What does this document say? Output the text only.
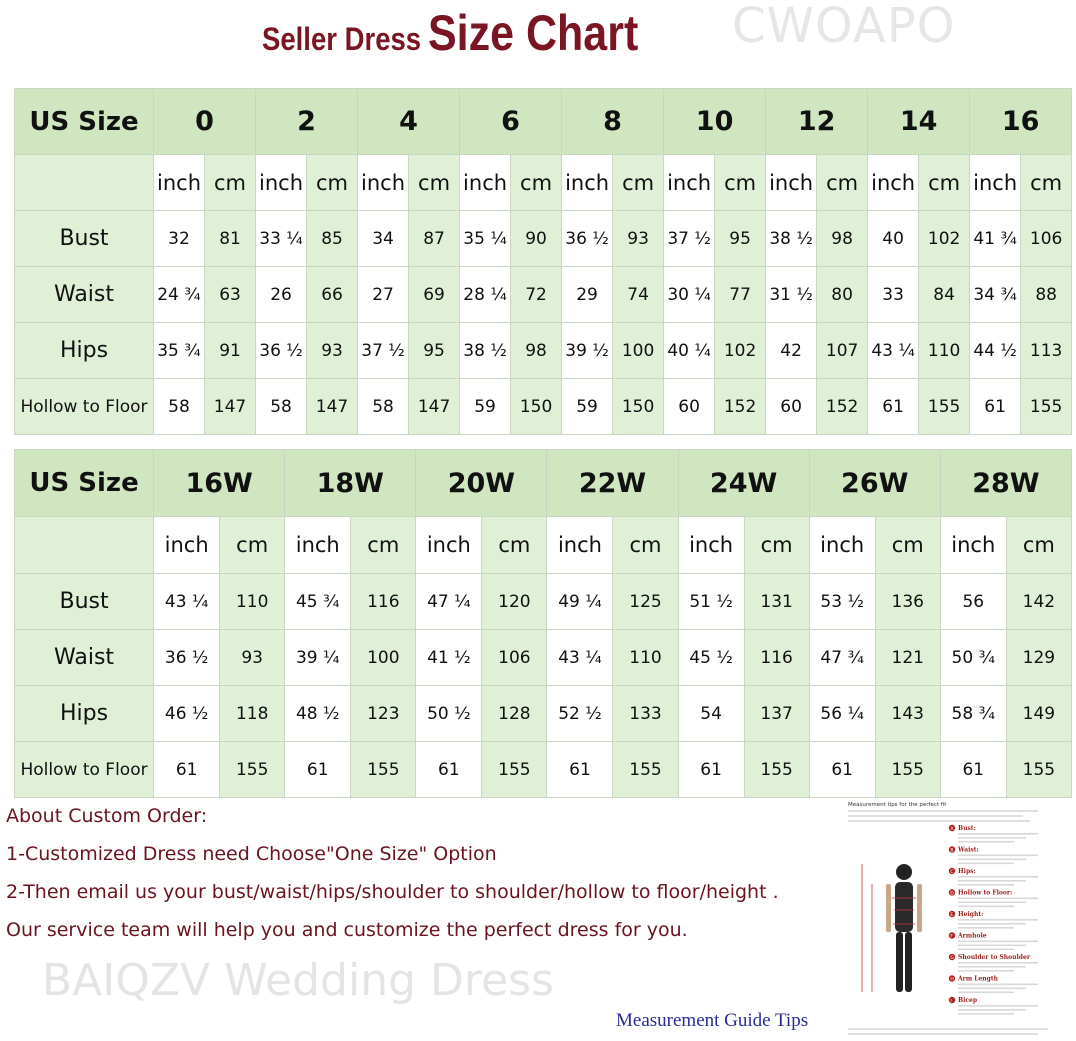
Seller Dress Size Chart CWOAPO
US Size	0		2		4		6		8		10		12		14		16	
	inch	cm	inch	cm	inch	cm	inch	cm	inch	cm	inch	cm	inch	cm	inch	cm	inch	cm
Bust	32	81	33 ¼	85	34	87	35 ¼	90	36 ½	93	37 ½	95	38 ½	98	40	102	41 ¾	106
Waist	24 ¾	63	26	66	27	69	28 ¼	72	29	74	30 ¼	77	31 ½	80	33	84	34 ¾	88
Hips	35 ¾	91	36 ½	93	37 ½	95	38 ½	98	39 ½	100	40 ¼	102	42	107	43 ¼	110	44 ½	113
Hollow to Floor	58	147	58	147	58	147	59	150	59	150	60	152	60	152	61	155	61	155
US Size	16W		18W		20W		22W		24W		26W		28W	
	inch	cm	inch	cm	inch	cm	inch	cm	inch	cm	inch	cm	inch	cm
Bust	43 ¼	110	45 ¾	116	47 ¼	120	49 ¼	125	51 ½	131	53 ½	136	56	142
Waist	36 ½	93	39 ¼	100	41 ½	106	43 ¼	110	45 ½	116	47 ¾	121	50 ¾	129
Hips	46 ½	118	48 ½	123	50 ½	128	52 ½	133	54	137	56 ¼	143	58 ¾	149
Hollow to Floor	61	155	61	155	61	155	61	155	61	155	61	155	61	155
About Custom Order:
1-Customized Dress need Choose"One Size" Option
2-Then email us your bust/waist/hips/shoulder to shoulder/hollow to floor/height .
Our service team will help you and customize the perfect dress for you.
BAIQZV Wedding Dress
Measurement tips for the perfect fit
A Bust:
B Waist:
C Hips:
D Hollow to Floor:
E Height:
F Armhole
G Shoulder to Shoulder
H Arm Length
I Bicep
Measurement Guide Tips
